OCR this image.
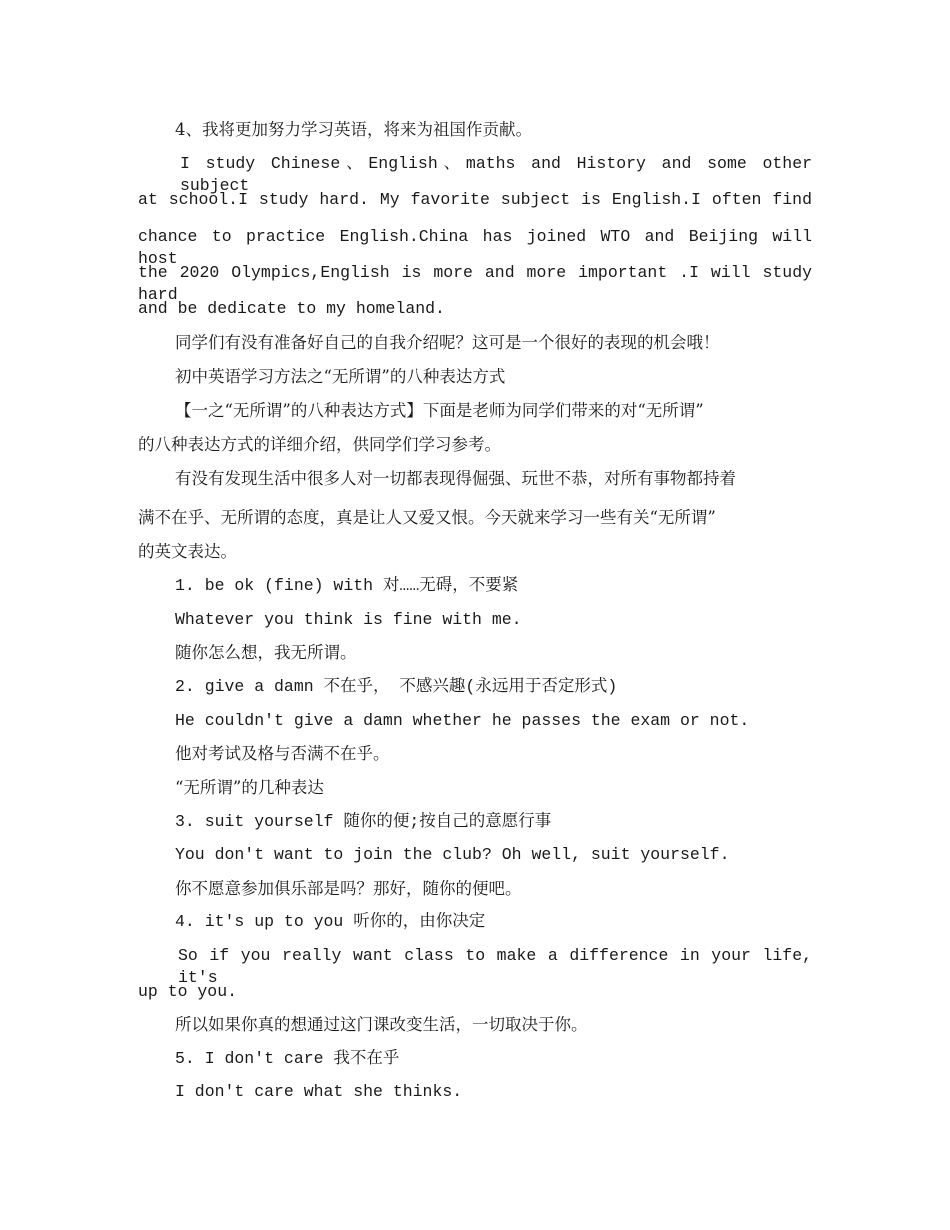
4、我将更加努力学习英语，将来为祖国作贡献。
I study Chinese、English、maths and History and some other subject
at school.I study hard. My favorite subject is English.I often find
chance to practice English.China has joined WTO and Beijing will host
the 2020 Olympics,English is more and more important .I will study hard
and be dedicate to my homeland.
同学们有没有准备好自己的自我介绍呢？这可是一个很好的表现的机会哦！
初中英语学习方法之“无所谓”的八种表达方式
【一之“无所谓”的八种表达方式】下面是老师为同学们带来的对“无所谓”
的八种表达方式的详细介绍，供同学们学习参考。
有没有发现生活中很多人对一切都表现得倔强、玩世不恭，对所有事物都持着
满不在乎、无所谓的态度，真是让人又爱又恨。今天就来学习一些有关“无所谓”
的英文表达。
1. be ok (fine) with 对……无碍，不要紧
Whatever you think is fine with me.
随你怎么想，我无所谓。
2. give a damn 不在乎， 不感兴趣(永远用于否定形式)
He couldn't give a damn whether he passes the exam or not.
他对考试及格与否满不在乎。
“无所谓”的几种表达
3. suit yourself 随你的便;按自己的意愿行事
You don't want to join the club? Oh well, suit yourself.
你不愿意参加俱乐部是吗？那好，随你的便吧。
4. it's up to you 听你的，由你决定
So if you really want class to make a difference in your life, it's
up to you.
所以如果你真的想通过这门课改变生活，一切取决于你。
5. I don't care 我不在乎
I don't care what she thinks.
